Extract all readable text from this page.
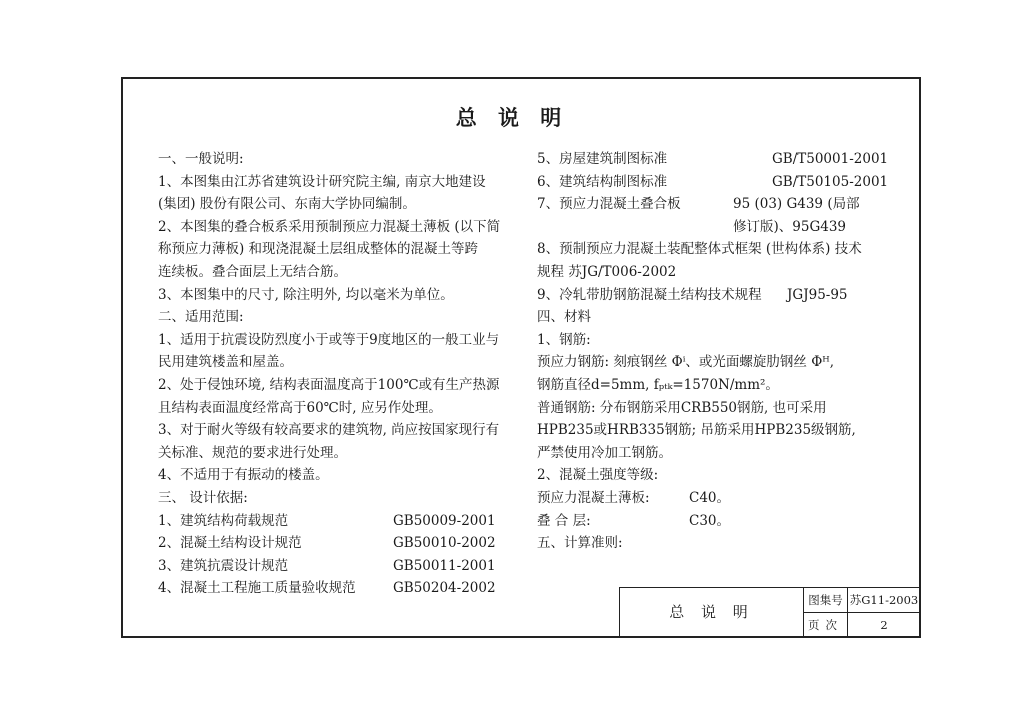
总 说 明
一、一般说明:
1、本图集由江苏省建筑设计研究院主编, 南京大地建设
(集团) 股份有限公司、东南大学协同编制。
2、本图集的叠合板系采用预制预应力混凝土薄板 (以下简
称预应力薄板) 和现浇混凝土层组成整体的混凝土等跨
连续板。叠合面层上无结合筋。
3、本图集中的尺寸, 除注明外, 均以毫米为单位。
二、适用范围:
1、适用于抗震设防烈度小于或等于9度地区的一般工业与
民用建筑楼盖和屋盖。
2、处于侵蚀环境, 结构表面温度高于100℃或有生产热源
且结构表面温度经常高于60℃时, 应另作处理。
3、对于耐火等级有较高要求的建筑物, 尚应按国家现行有
关标准、规范的要求进行处理。
4、不适用于有振动的楼盖。
三、 设计依据:
1、建筑结构荷载规范	GB50009-2001
2、混凝土结构设计规范	GB50010-2002
3、建筑抗震设计规范	GB50011-2001
4、混凝土工程施工质量验收规范	GB50204-2002
5、房屋建筑制图标准	GB/T50001-2001
6、建筑结构制图标准	GB/T50105-2001
7、预应力混凝土叠合板	95 (03) G439 (局部
修订版)、95G439
8、预制预应力混凝土装配整体式框架 (世构体系) 技术
规程 苏JG/T006-2002
9、冷轧带肋钢筋混凝土结构技术规程 JGJ95-95
四、材料
1、钢筋:
预应力钢筋: 刻痕钢丝 Φⁱ、或光面螺旋肋钢丝 Φᴴ,
钢筋直径d=5mm, fₚₜₖ=1570N/mm²。
普通钢筋: 分布钢筋采用CRB550钢筋, 也可采用
HPB235或HRB335钢筋; 吊筋采用HPB235级钢筋,
严禁使用冷加工钢筋。
2、混凝土强度等级:
预应力混凝土薄板:	C40。
叠 合 层:	C30。
五、计算准则:
总 说 明
图集号 苏G11-2003
页次	2
